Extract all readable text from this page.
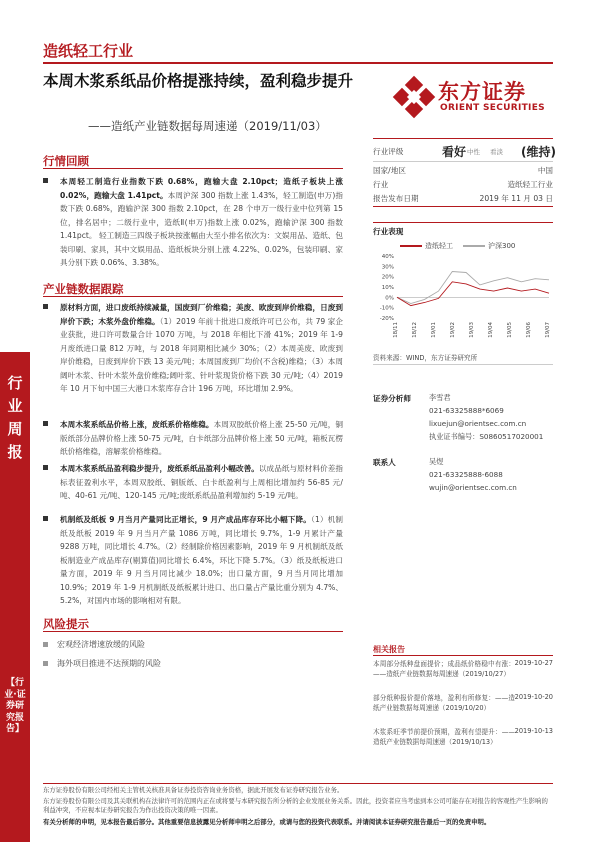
造纸轻工行业
本周木浆系纸品价格提涨持续，盈利稳步提升
——造纸产业链数据每周速递（2019/11/03）
东方证券
ORIENT SECURITIES
行业周报
【行业·证券研究报告】
行情回顾
本周轻工制造行业指数下跌 0.68%，跑输大盘 2.10pct；造纸子板块上涨 0.02%，跑输大盘 1.41pct。本周沪深 300 指数上涨 1.43%，轻工制造(申万)指数下跌 0.68%，跑输沪深 300 指数 2.10pct，在 28 个申万一级行业中位列第 15 位，排名居中；二级行业中，造纸Ⅱ(申万)指数上涨 0.02%，跑输沪深 300 指数 1.41pct。 轻工制造三四级子板块按涨幅由大至小排名依次为：文娱用品、造纸、包装印刷、家具，其中文娱用品、造纸板块分别上涨 4.22%、0.02%，包装印刷、家具分别下跌 0.06%、3.38%。
产业链数据跟踪
原材料方面，进口废纸持续减量，国废到厂价维稳；美废、欧废到岸价维稳，日废到岸价下跌；木浆外盘价维稳。（1）2019 年前十批进口废纸许可已公布，共 79 家企业获批，进口许可数量合计 1070 万吨，与 2018 年相比下滑 41%；2019 年 1-9 月废纸进口量 812 万吨，与 2018 年同期相比减少 30%；（2）本周美废、欧废到岸价维稳，日废到岸价下跌 13 美元/吨；本周国废到厂均价(不含税)维稳；（3）本周阔叶木浆、针叶木浆外盘价维稳;阔叶浆、针叶浆现货价格下跌 30 元/吨;（4）2019 年 10 月下旬中国三大港口木浆库存合计 196 万吨，环比增加 2.9%。
本周木浆系纸品价格上涨，废纸系价格维稳。本周双胶纸价格上涨 25-50 元/吨，铜版纸部分品牌价格上涨 50-75 元/吨，白卡纸部分品牌价格上涨 50 元/吨，箱板瓦楞纸价格维稳，溶解浆价格维稳。
本周木浆系纸品盈利稳步提升，废纸系纸品盈利小幅改善。以成品纸与原材料价差指标表征盈利水平，本周双胶纸、铜版纸、白卡纸盈利与上周相比增加约 56-85 元/吨、40-61 元/吨、120-145 元/吨;废纸系纸品盈利增加约 5-19 元/吨。
机制纸及纸板 9 月当月产量同比正增长，9 月产成品库存环比小幅下降。（1）机制纸及纸板 2019 年 9 月当月产量 1086 万吨，同比增长 9.7%，1-9 月累计产量 9288 万吨，同比增长 4.7%。（2）经制除价格因素影响，2019 年 9 月机制纸及纸板制造业产成品库存(剔算值)同比增长 6.4%，环比下降 5.7%。（3）纸及纸板进口量方面，2019 年 9 月当月同比减少 18.0%；出口量方面，9 月当月同比增加 10.9%；2019 年 1-9 月机制纸及纸板累计进口、出口量占产量比重分别为 4.7%、5.2%，对国内市场的影响相对有限。
风险提示
宏观经济增速放缓的风险
海外项目推进不达预期的风险
行业评级	看好 中性 看淡 (维持)
国家/地区	中国
行业	造纸轻工行业
报告发布日期	2019 年 11 月 03 日
行业表现
造纸轻工	沪深300
40%
30%
20%
10%
0%
-10%
-20%
18/11 18/12 19/01 19/02 19/03 19/04 19/05 19/06 19/07
资料来源：WIND，东方证券研究所
证券分析师	李雪君
021-63325888*6069
lixuejun@orientsec.com.cn
执业证书编号：S0860517020001
联系人	吴煜
021-63325888-6088
wujin@orientsec.com.cn
相关报告
本周部分纸种盘面提价；成品纸价格稳中有涨：——造纸产业链数据每周速递（2019/10/27）
2019-10-27
部分纸种报价提价落地，盈利有所修复：——造纸产业链数据每周速递（2019/10/20）
2019-10-20
木浆系旺季节前提价预期，盈利有望提升：——造纸产业链数据每周速递（2019/10/13）
2019-10-13
东方证券股份有限公司经相关主管机关核准具备证券投资咨询业务资格，据此开展发布证券研究报告业务。
东方证券股份有限公司及其关联机构在法律许可的范围内正在或将要与本研究报告所分析的企业发展业务关系。因此，投资者应当考虑到本公司可能存在对报告的客观性产生影响的利益冲突，不应视本证券研究报告为作出投资决策的唯一因素。
有关分析师的申明，见本报告最后部分。其他重要信息披露见分析师申明之后部分，或请与您的投资代表联系。并请阅读本证券研究报告最后一页的免责申明。
